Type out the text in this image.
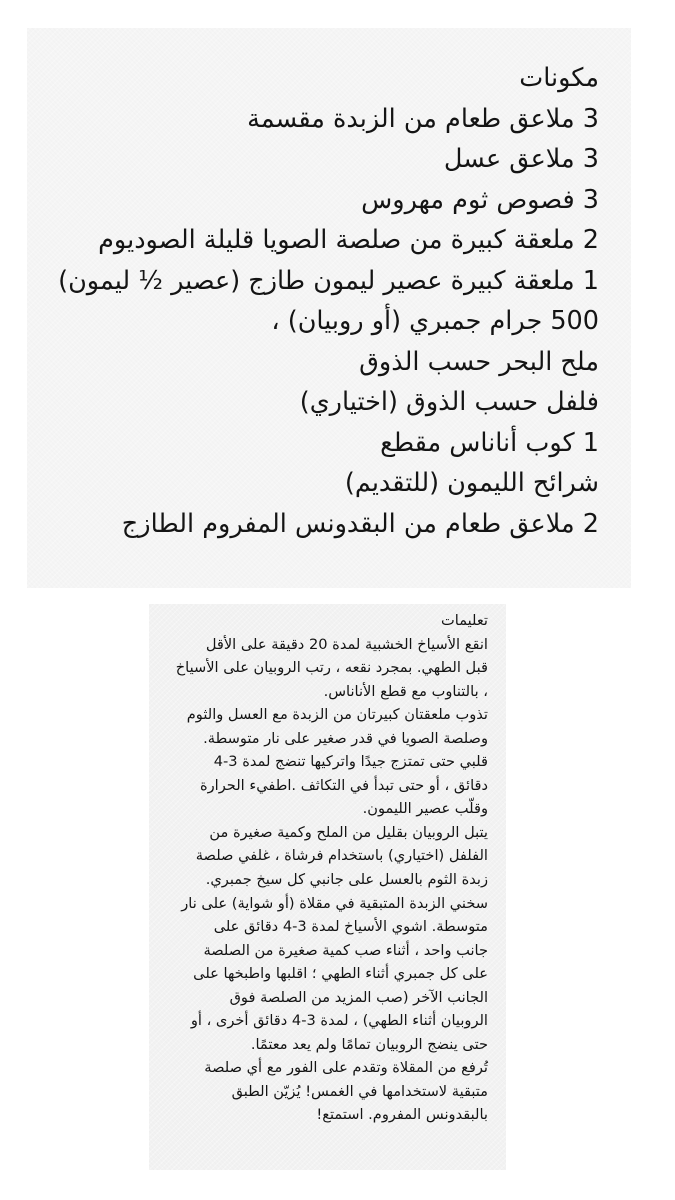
مكونات
3 ملاعق طعام من الزبدة مقسمة
3 ملاعق عسل
3 فصوص ثوم مهروس
2 ملعقة كبيرة من صلصة الصويا قليلة الصوديوم
1 ملعقة كبيرة عصير ليمون طازج (عصير ½ ليمون)
500 جرام جمبري (أو روبيان) ،
ملح البحر حسب الذوق
فلفل حسب الذوق (اختياري)
1 كوب أناناس مقطع
شرائح الليمون (للتقديم)
2 ملاعق طعام من البقدونس المفروم الطازج
تعليمات
انقع الأسياخ الخشبية لمدة 20 دقيقة على الأقل
قبل الطهي. بمجرد نقعه ، رتب الروبيان على الأسياخ
، بالتناوب مع قطع الأناناس.
تذوب ملعقتان كبيرتان من الزبدة مع العسل والثوم
وصلصة الصويا في قدر صغير على نار متوسطة.
قلبي حتى تمتزج جيدًا واتركيها تنضج لمدة 3-4
دقائق ، أو حتى تبدأ في التكاثف .اطفيء الحرارة
وقلّب عصير الليمون.
يتبل الروبيان بقليل من الملح وكمية صغيرة من
الفلفل (اختياري) باستخدام فرشاة ، غلفي صلصة
زبدة الثوم بالعسل على جانبي كل سيخ جمبري.
سخني الزبدة المتبقية في مقلاة (أو شواية) على نار
متوسطة. اشوي الأسياخ لمدة 3-4 دقائق على
جانب واحد ، أثناء صب كمية صغيرة من الصلصة
على كل جمبري أثناء الطهي ؛ اقلبها واطبخها على
الجانب الآخر (صب المزيد من الصلصة فوق
الروبيان أثناء الطهي) ، لمدة 3-4 دقائق أخرى ، أو
حتى ينضج الروبيان تمامًا ولم يعد معتمًا.
تُرفع من المقلاة وتقدم على الفور مع أي صلصة
متبقية لاستخدامها في الغمس! يُزيّن الطبق
بالبقدونس المفروم. استمتع!
